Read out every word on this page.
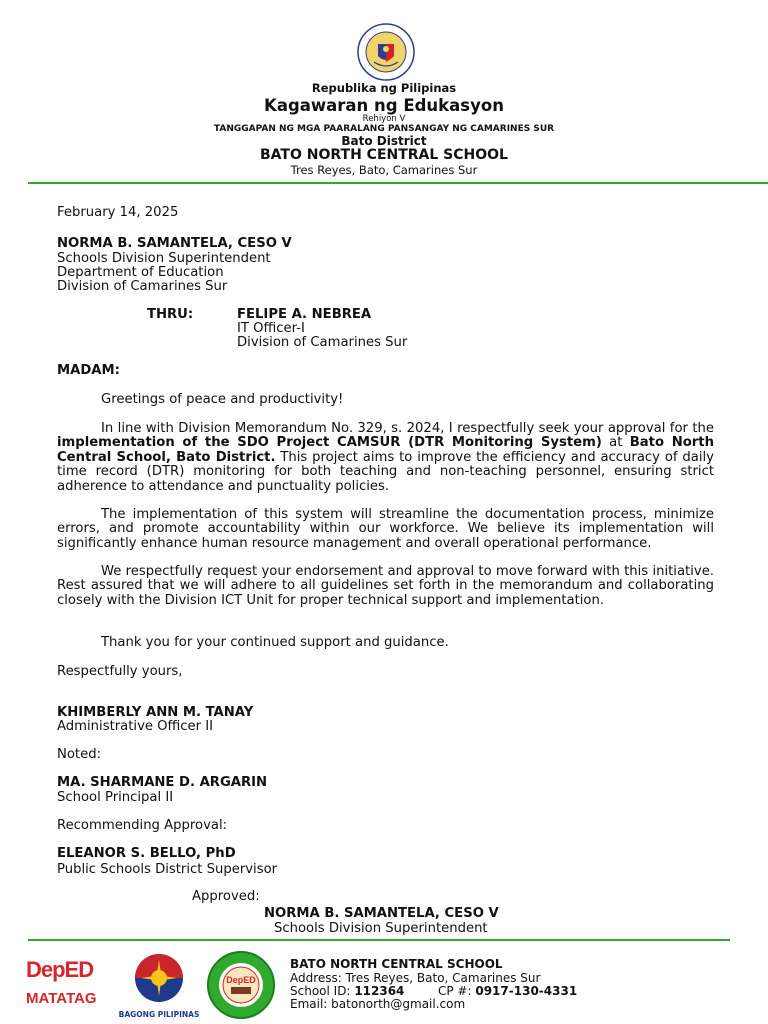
Republika ng Pilipinas
Kagawaran ng Edukasyon
Rehiyon V
TANGGAPAN NG MGA PAARALANG PANSANGAY NG CAMARINES SUR
Bato District
BATO NORTH CENTRAL SCHOOL
Tres Reyes, Bato, Camarines Sur
February 14, 2025
NORMA B. SAMANTELA, CESO V
Schools Division Superintendent
Department of Education
Division of Camarines Sur
THRU:	FELIPE A. NEBREA
IT Officer-I
Division of Camarines Sur
MADAM:
Greetings of peace and productivity!
In line with Division Memorandum No. 329, s. 2024, I respectfully seek your approval for the implementation of the SDO Project CAMSUR (DTR Monitoring System) at Bato North Central School, Bato District. This project aims to improve the efficiency and accuracy of daily time record (DTR) monitoring for both teaching and non-teaching personnel, ensuring strict adherence to attendance and punctuality policies.
The implementation of this system will streamline the documentation process, minimize errors, and promote accountability within our workforce. We believe its implementation will significantly enhance human resource management and overall operational performance.
We respectfully request your endorsement and approval to move forward with this initiative. Rest assured that we will adhere to all guidelines set forth in the memorandum and collaborating closely with the Division ICT Unit for proper technical support and implementation.
Thank you for your continued support and guidance.
Respectfully yours,
KHIMBERLY ANN M. TANAY
Administrative Officer II
Noted:
MA. SHARMANE D. ARGARIN
School Principal II
Recommending Approval:
ELEANOR S. BELLO, PhD
Public Schools District Supervisor
Approved:
NORMA B. SAMANTELA, CESO V
Schools Division Superintendent
DepED
MATATAG
BAGONG PILIPINAS
DepED
BATO NORTH CENTRAL SCHOOL
Address: Tres Reyes, Bato, Camarines Sur
School ID: 112364	CP #: 0917-130-4331
Email: batonorth@gmail.com
